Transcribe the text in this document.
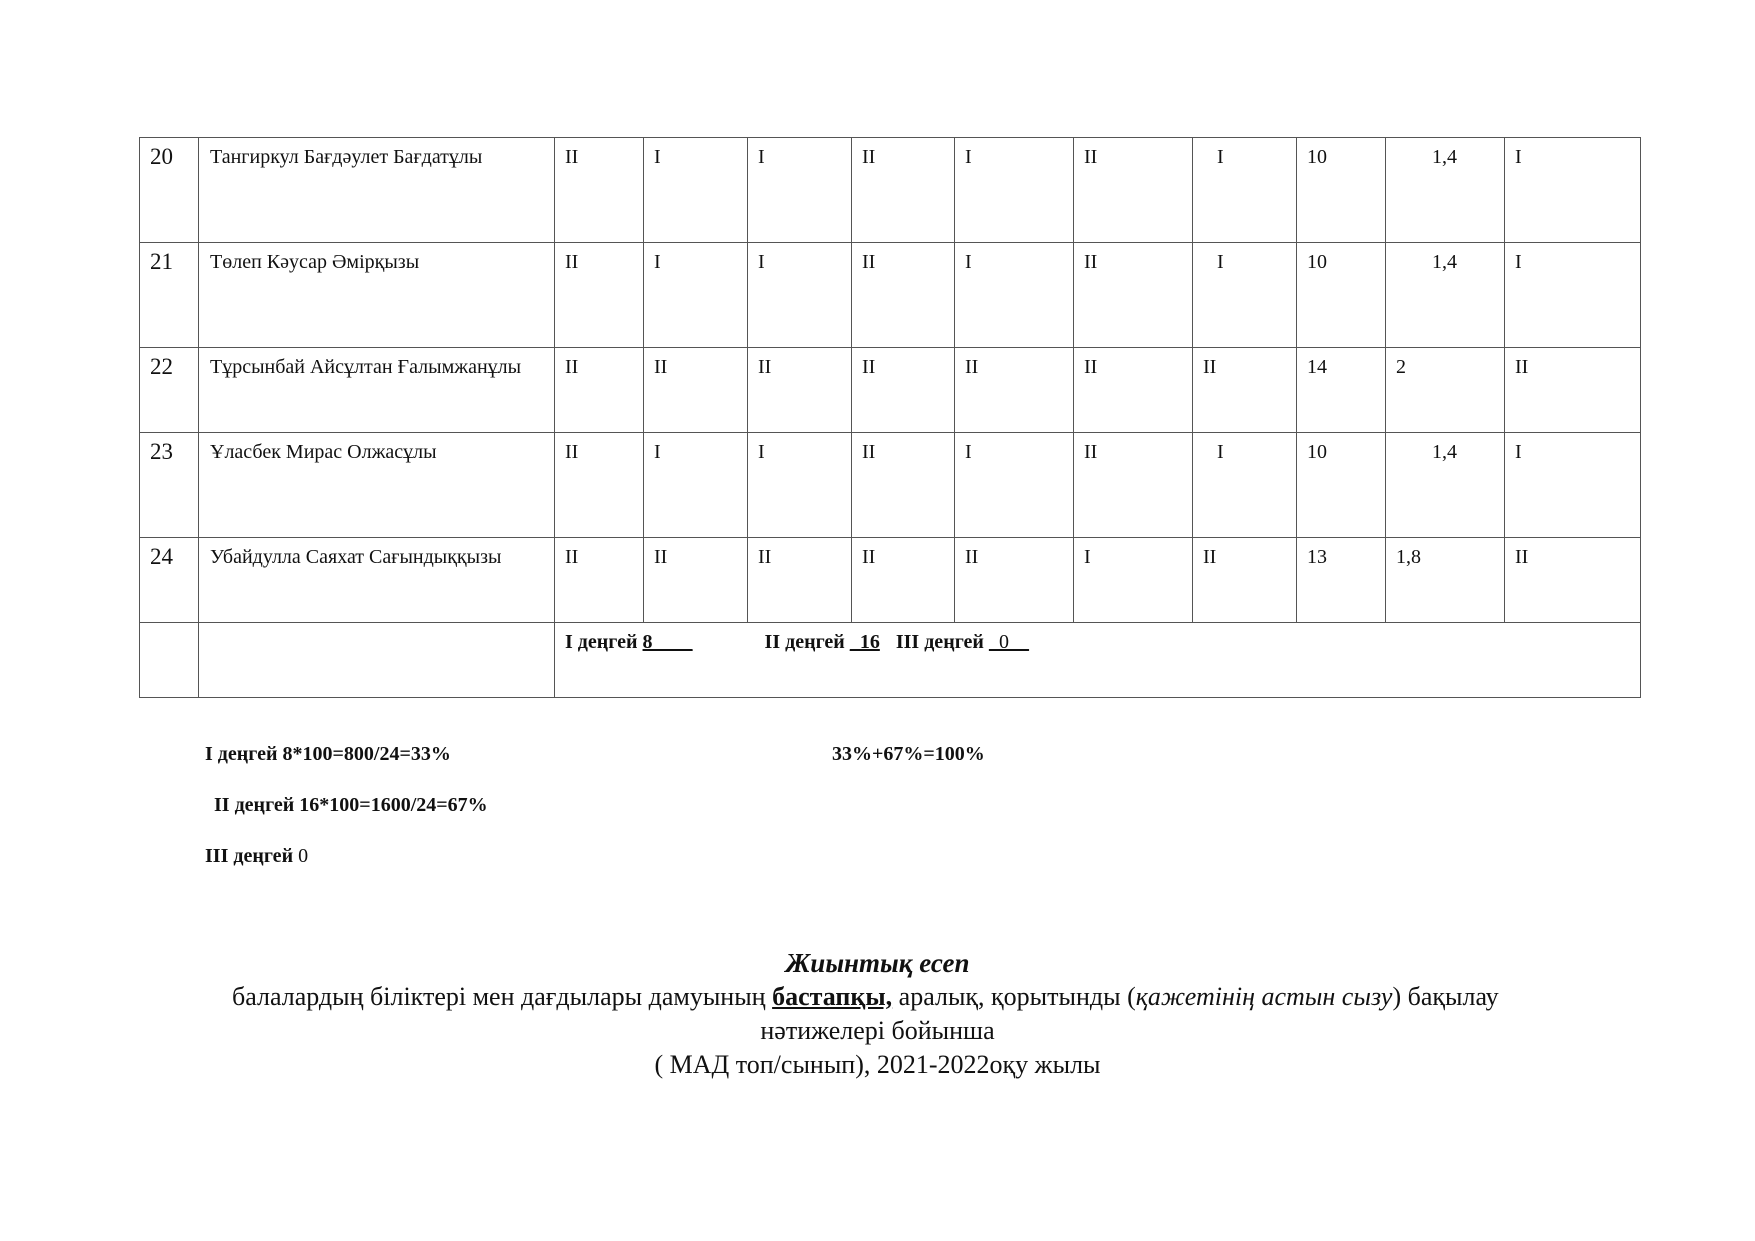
20	Тангиркул Бағдәулет Бағдатұлы	II	I	I	II	I	II	I	10	1,4	I
21	Төлеп Кәусар Әмірқызы	II	I	I	II	I	II	I	10	1,4	I
22	Тұрсынбай Айсұлтан Ғалымжанұлы	II	II	II	II	II	II	II	14	2	II
23	Ұласбек Мирас Олжасұлы	II	I	I	II	I	II	I	10	1,4	I
24	Убайдулла Саяхат Сағындыққызы	II	II	II	II	II	I	II	13	1,8	II
		I деңгей 8____ II деңгей _16 III деңгей _0__									
I деңгей 8*100=800/24=33%	33%+67%=100%
II деңгей 16*100=1600/24=67%
III деңгей 0
Жиынтық есеп
балалардың біліктері мен дағдылары дамуының бастапқы, аралық, қорытынды (қажетінің астын сызу) бақылау
нәтижелері бойынша
( МАД топ/сынып), 2021-2022оқу жылы
